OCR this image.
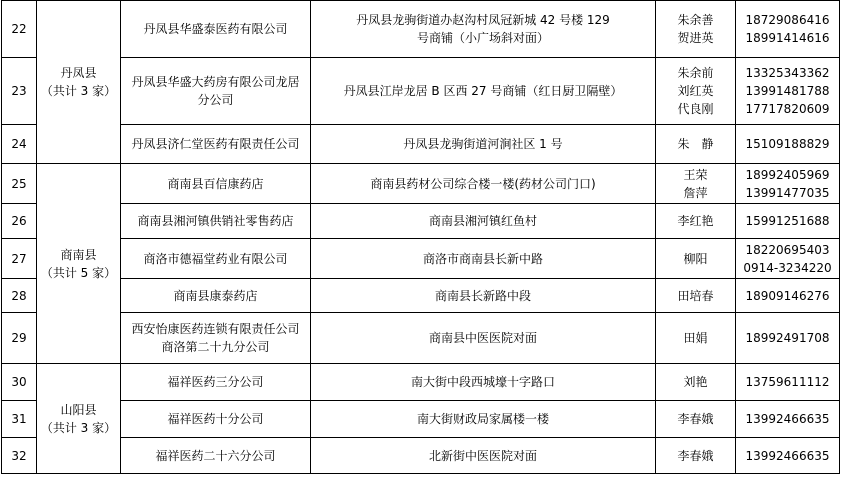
22	丹凤县
（共计 3 家）	丹凤县华盛泰医药有限公司	丹凤县龙驹街道办赵沟村凤冠新城 42 号楼 129
号商铺（小广场斜对面）	朱余善
贺进英	18729086416
18991414616

23		丹凤县华盛大药房有限公司龙居
分公司	丹凤县江岸龙居 B 区西 27 号商铺（红日厨卫隔壁）	朱余前
刘红英
代良刚	13325343362
13991481788
17717820609

24		丹凤县济仁堂医药有限责任公司	丹凤县龙驹街道河涧社区 1 号	朱　静	15109188829

25	商南县
（共计 5 家）	商南县百信康药店	商南县药材公司综合楼一楼(药材公司门口)	王荣
詹萍	18992405969
13991477035

26		商南县湘河镇供销社零售药店	商南县湘河镇红鱼村	李红艳	15991251688

27		商洛市德福堂药业有限公司	商洛市商南县长新中路	柳阳	18220695403
0914-3234220

28		商南县康泰药店	商南县长新路中段	田培春	18909146276

29		西安怡康医药连锁有限责任公司
商洛第二十九分公司	商南县中医医院对面	田娟	18992491708

30	山阳县
（共计 3 家）	福祥医药三分公司	南大街中段西城壕十字路口	刘艳	13759611112

31		福祥医药十分公司	南大街财政局家属楼一楼	李春娥	13992466635

32		福祥医药二十六分公司	北新街中医医院对面	李春娥	13992466635
